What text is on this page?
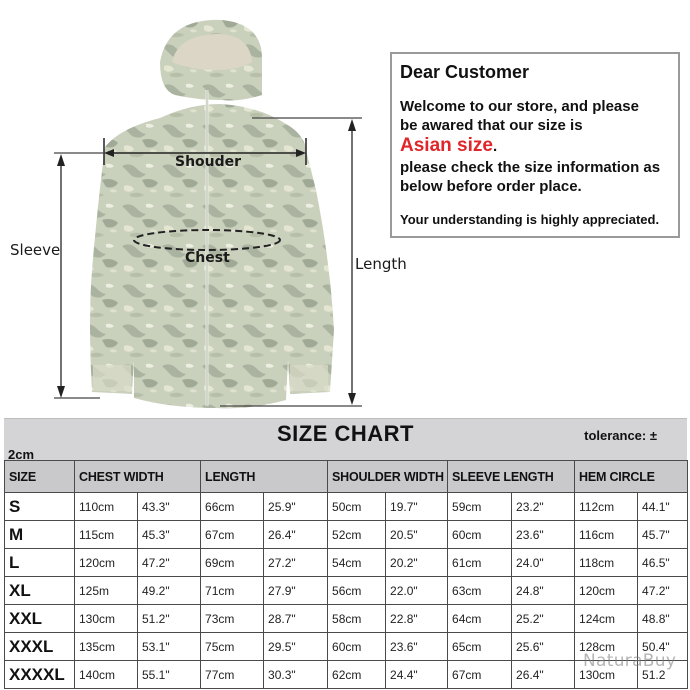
Shouder
Chest
Sleeve
Length
Dear Customer

Welcome to our store, and please

be awared that our size is

Asian size.

please check the size information as

below before order place.

Your understanding is highly appreciated.

SIZE CHART	tolerance: ±
2cm
SIZE	CHEST WIDTH		LENGTH		SHOULDER WIDTH		SLEEVE LENGTH		HEM CIRCLE	
S	110cm	43.3"	66cm	25.9"	50cm	19.7"	59cm	23.2"	112cm	44.1"
M	115cm	45.3"	67cm	26.4"	52cm	20.5"	60cm	23.6"	116cm	45.7"
L	120cm	47.2"	69cm	27.2"	54cm	20.2"	61cm	24.0"	118cm	46.5"
XL	125m	49.2"	71cm	27.9"	56cm	22.0"	63cm	24.8"	120cm	47.2"
XXL	130cm	51.2"	73cm	28.7"	58cm	22.8"	64cm	25.2"	124cm	48.8"
XXXL	135cm	53.1"	75cm	29.5"	60cm	23.6"	65cm	25.6"	128cm	50.4"
XXXXL	140cm	55.1"	77cm	30.3"	62cm	24.4"	67cm	26.4"	130cm	51.2
NaturaBuy
